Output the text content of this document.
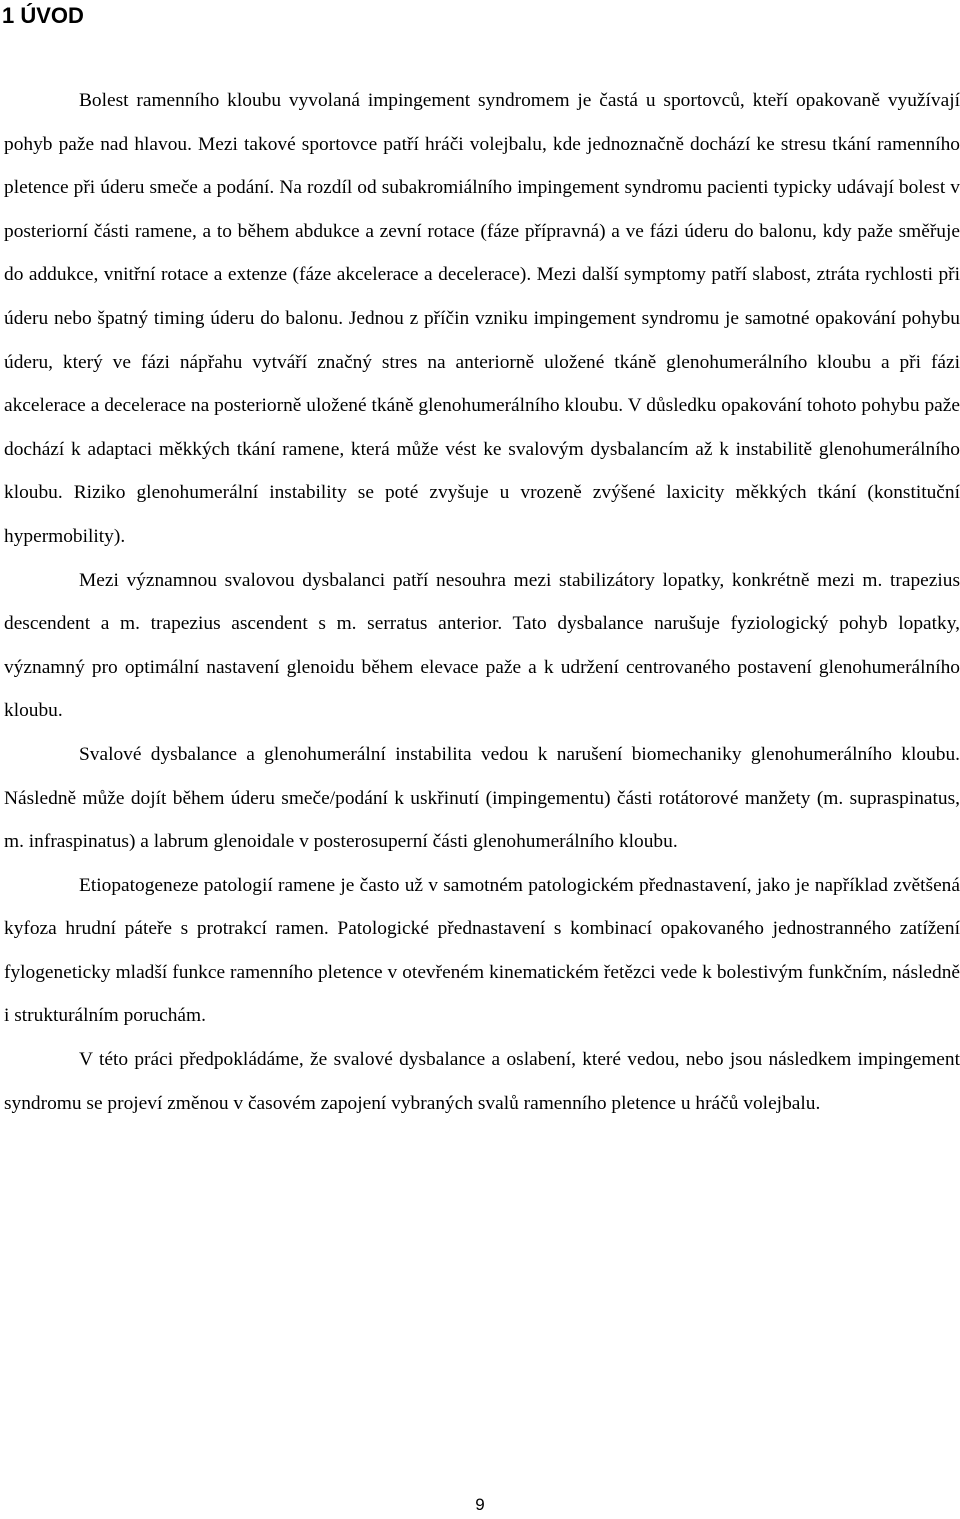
1 ÚVOD

Bolest ramenního kloubu vyvolaná impingement syndromem je častá u sportovců, kteří opakovaně využívají pohyb paže nad hlavou. Mezi takové sportovce patří hráči volejbalu, kde jednoznačně dochází ke stresu tkání ramenního pletence při úderu smeče a podání. Na rozdíl od subakromiálního impingement syndromu pacienti typicky udávají bolest v posteriorní části ramene, a to během abdukce a zevní rotace (fáze přípravná) a ve fázi úderu do balonu, kdy paže směřuje do addukce, vnitřní rotace a extenze (fáze akcelerace a decelerace). Mezi další symptomy patří slabost, ztráta rychlosti při úderu nebo špatný timing úderu do balonu. Jednou z příčin vzniku impingement syndromu je samotné opakování pohybu úderu, který ve fázi nápřahu vytváří značný stres na anteriorně uložené tkáně glenohumerálního kloubu a při fázi akcelerace a decelerace na posteriorně uložené tkáně glenohumerálního kloubu. V důsledku opakování tohoto pohybu paže dochází k adaptaci měkkých tkání ramene, která může vést ke svalovým dysbalancím až k instabilitě glenohumerálního kloubu. Riziko glenohumerální instability se poté zvyšuje u vrozeně zvýšené laxicity měkkých tkání (konstituční hypermobility).

Mezi významnou svalovou dysbalanci patří nesouhra mezi stabilizátory lopatky, konkrétně mezi m. trapezius descendent a m. trapezius ascendent s m. serratus anterior. Tato dysbalance narušuje fyziologický pohyb lopatky, významný pro optimální nastavení glenoidu během elevace paže a k udržení centrovaného postavení glenohumerálního kloubu.

Svalové dysbalance a glenohumerální instabilita vedou k narušení biomechaniky glenohumerálního kloubu. Následně může dojít během úderu smeče/podání k uskřinutí (impingementu) části rotátorové manžety (m. supraspinatus, m. infraspinatus) a labrum glenoidale v posterosuperní části glenohumerálního kloubu.

Etiopatogeneze patologií ramene je často už v samotném patologickém přednastavení, jako je například zvětšená kyfoza hrudní páteře s protrakcí ramen. Patologické přednastavení s kombinací opakovaného jednostranného zatížení fylogeneticky mladší funkce ramenního pletence v otevřeném kinematickém řetězci vede k bolestivým funkčním, následně i strukturálním poruchám.

V této práci předpokládáme, že svalové dysbalance a oslabení, které vedou, nebo jsou následkem impingement syndromu se projeví změnou v časovém zapojení vybraných svalů ramenního pletence u hráčů volejbalu.

9
